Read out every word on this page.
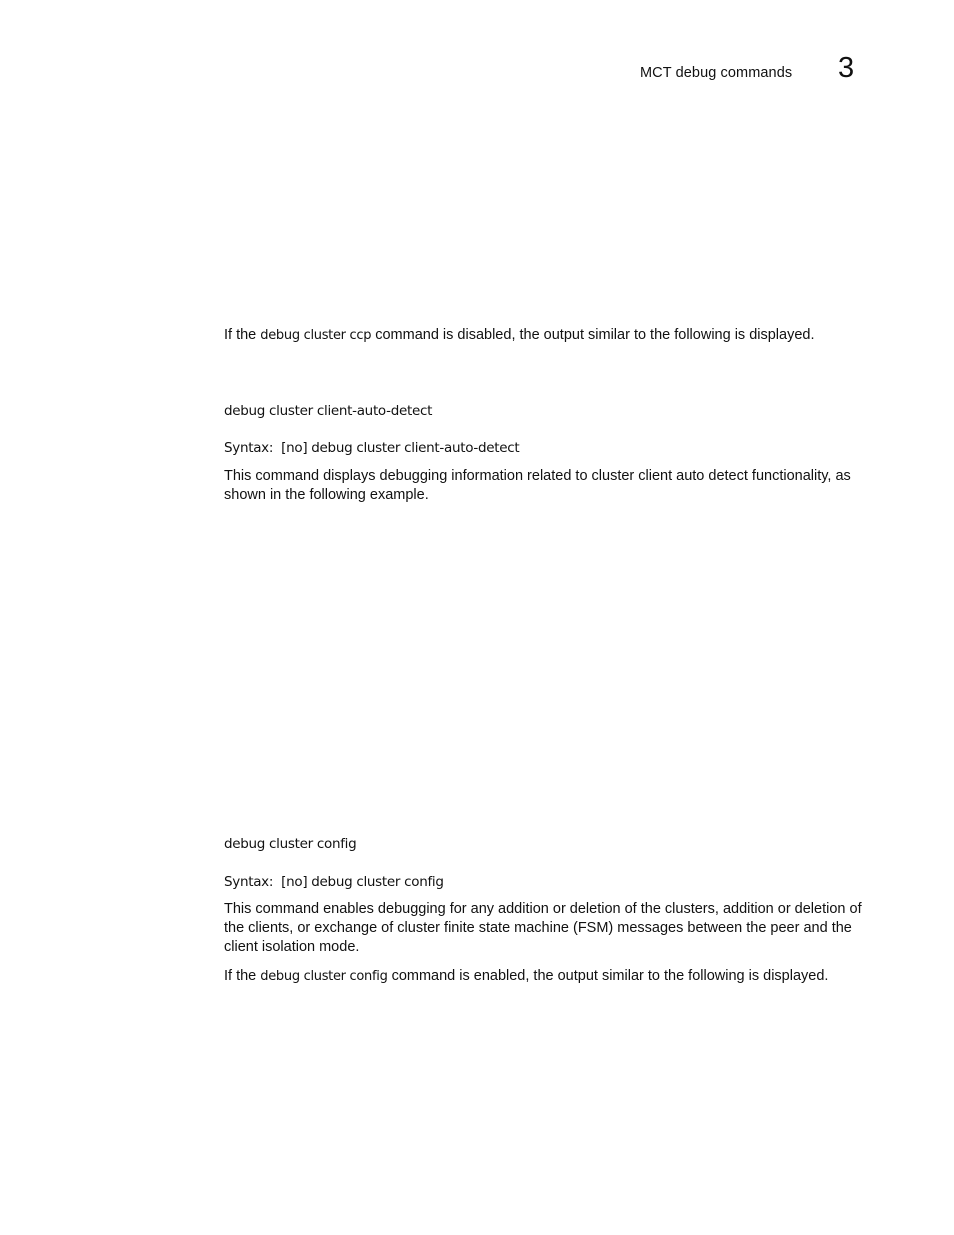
MCT debug commands 3
If the debug cluster ccp command is disabled, the output similar to the following is displayed.
debug cluster client-auto-detect
Syntax: [no] debug cluster client-auto-detect
This command displays debugging information related to cluster client auto detect functionality, as shown in the following example.
debug cluster config
Syntax: [no] debug cluster config
This command enables debugging for any addition or deletion of the clusters, addition or deletion of the clients, or exchange of cluster finite state machine (FSM) messages between the peer and the client isolation mode.
If the debug cluster config command is enabled, the output similar to the following is displayed.
